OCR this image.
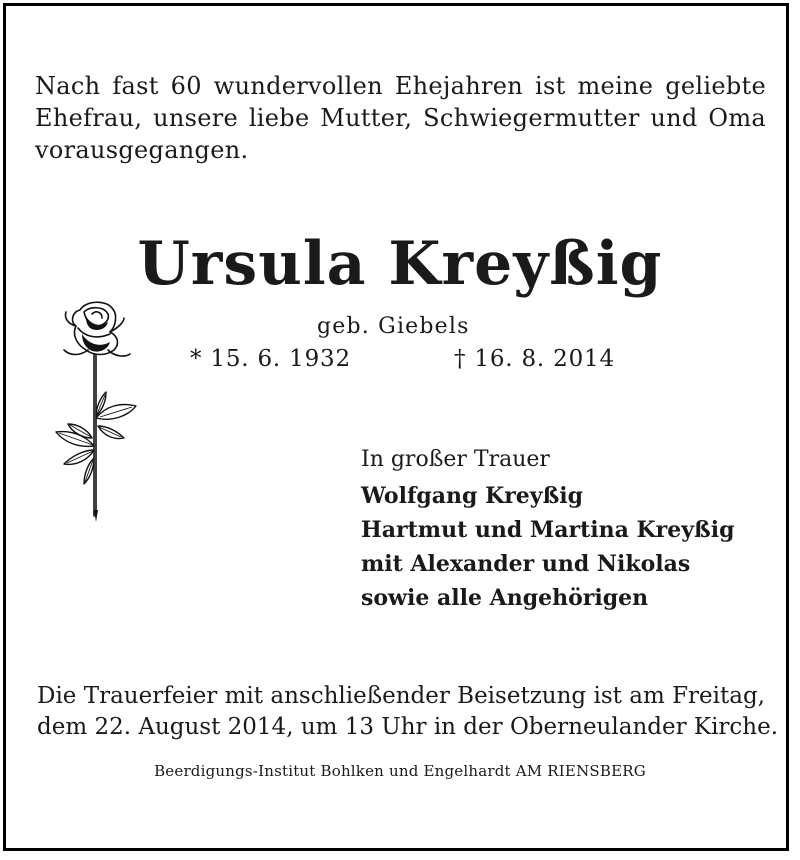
Nach fast 60 wundervollen Ehejahren ist meine geliebte
Ehefrau, unsere liebe Mutter, Schwiegermutter und Oma
vorausgegangen.
Ursula Kreyßig
geb. Giebels
* 15. 6. 1932	† 16. 8. 2014
In großer Trauer
Wolfgang Kreyßig
Hartmut und Martina Kreyßig
mit Alexander und Nikolas
sowie alle Angehörigen
Die Trauerfeier mit anschließender Beisetzung ist am Freitag,
dem 22. August 2014, um 13 Uhr in der Oberneulander Kirche.
Beerdigungs-Institut Bohlken und Engelhardt AM RIENSBERG
